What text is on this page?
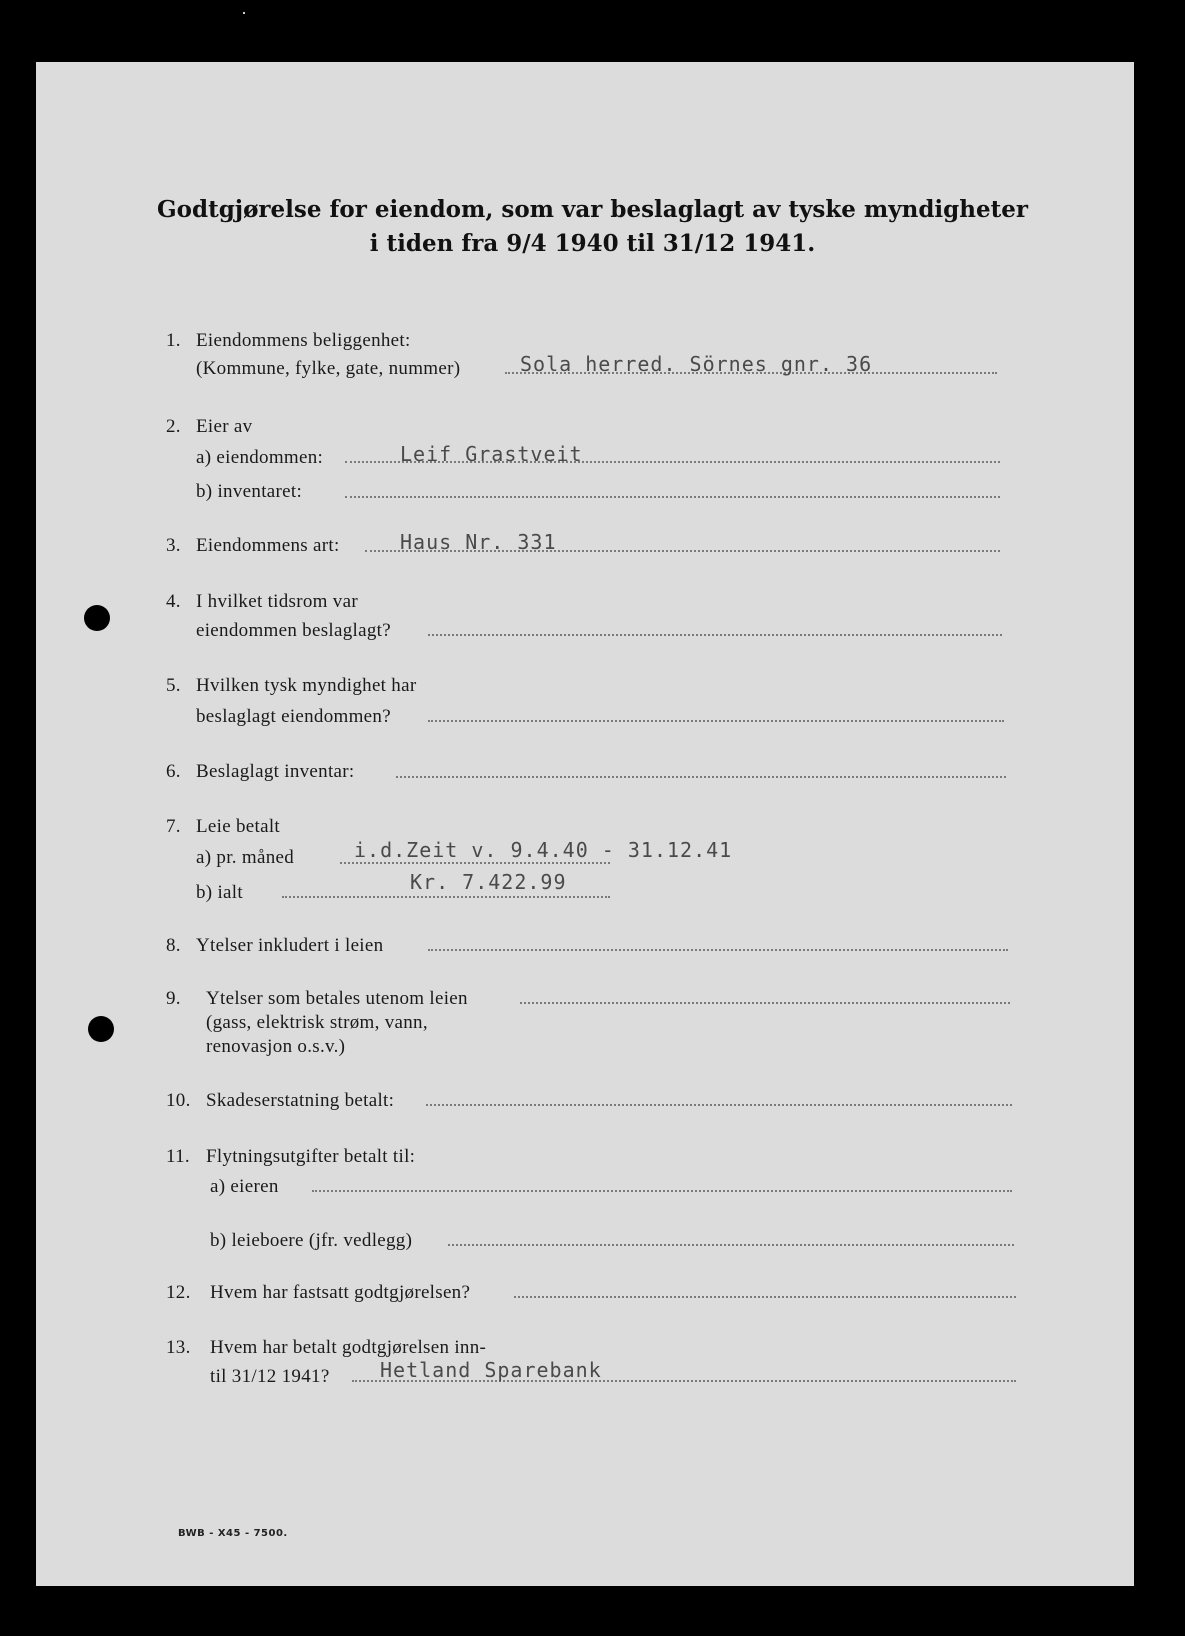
Godtgjørelse for eiendom, som var beslaglagt av tyske myndigheter
i tiden fra 9/4 1940 til 31/12 1941.
1. Eiendommens beliggenhet:
(Kommune, fylke, gate, nummer)	Sola herred. Sörnes gnr. 36
2. Eier av
a) eiendommen:	Leif Grastveit
b) inventaret:
3. Eiendommens art:	Haus Nr. 331
4. I hvilket tidsrom var
eiendommen beslaglagt?
5. Hvilken tysk myndighet har
beslaglagt eiendommen?
6. Beslaglagt inventar:
7. Leie betalt
a) pr. måned	i.d.Zeit v. 9.4.40 - 31.12.41
b) ialt	Kr. 7.422.99
8. Ytelser inkludert i leien
9. Ytelser som betales utenom leien
(gass, elektrisk strøm, vann,
renovasjon o.s.v.)
10. Skadeserstatning betalt:
11. Flytningsutgifter betalt til:
a) eieren
b) leieboere (jfr. vedlegg)
12. Hvem har fastsatt godtgjørelsen?
13. Hvem har betalt godtgjørelsen inn-
til 31/12 1941?	Hetland Sparebank
BWB - X45 - 7500.
